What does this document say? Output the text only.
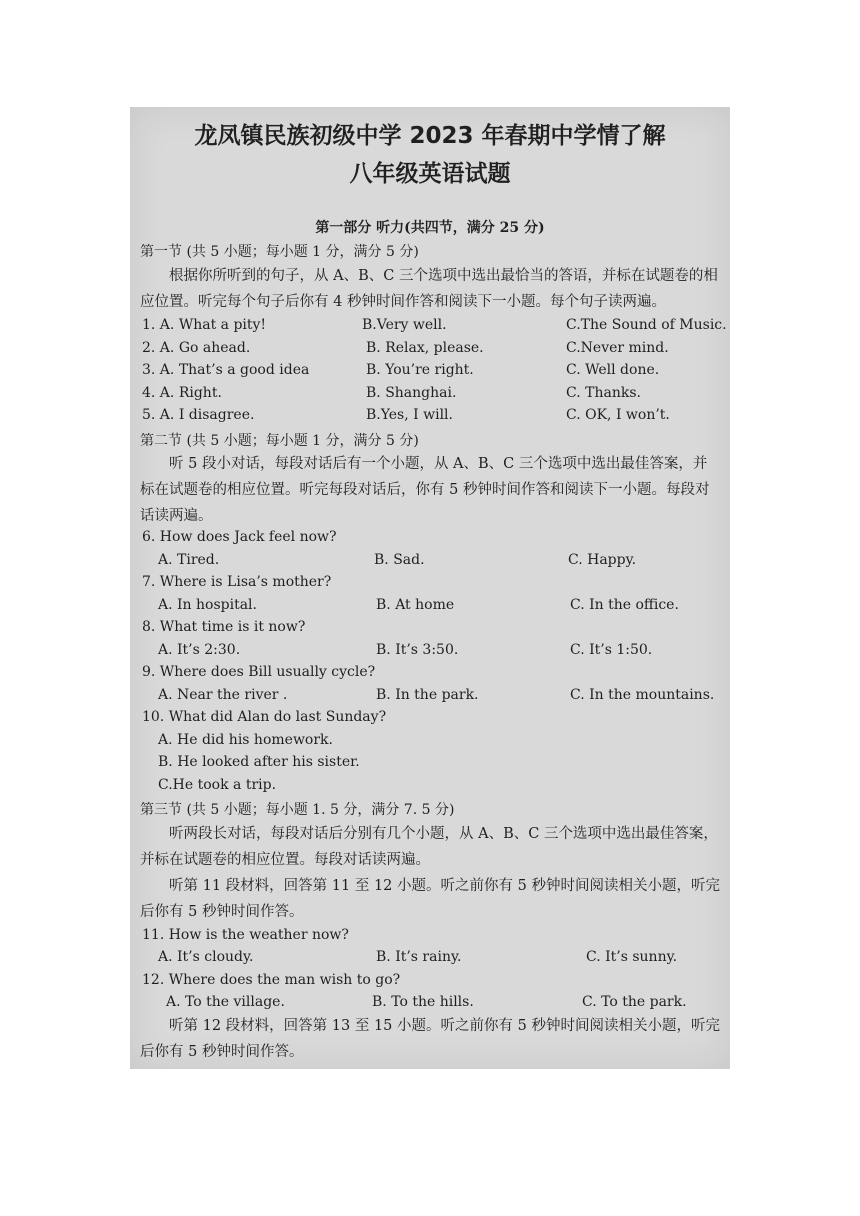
龙凤镇民族初级中学 2023 年春期中学情了解
八年级英语试题
第一部分 听力(共四节，满分 25 分)
第一节 (共 5 小题；每小题 1 分，满分 5 分)
根据你所听到的句子，从 A、B、C 三个选项中选出最恰当的答语，并标在试题卷的相应位置。听完每个句子后你有 4 秒钟时间作答和阅读下一小题。每个句子读两遍。
1. A. What a pity!	B.Very well.	C.The Sound of Music.
2. A. Go ahead.	B. Relax, please.	C.Never mind.
3. A. That’s a good idea	B. You’re right.	C. Well done.
4. A. Right.	B. Shanghai.	C. Thanks.
5. A. I disagree.	B.Yes, I will.	C. OK, I won’t.
第二节 (共 5 小题；每小题 1 分，满分 5 分)
听 5 段小对话，每段对话后有一个小题，从 A、B、C 三个选项中选出最佳答案，并标在试题卷的相应位置。听完每段对话后，你有 5 秒钟时间作答和阅读下一小题。每段对话读两遍。
6. How does Jack feel now?
A. Tired.	B. Sad.	C. Happy.
7. Where is Lisa’s mother?
A. In hospital.	B. At home	C. In the office.
8. What time is it now?
A. It’s 2:30.	B. It’s 3:50.	C. It’s 1:50.
9. Where does Bill usually cycle?
A. Near the river .	B. In the park.	C. In the mountains.
10. What did Alan do last Sunday?
A. He did his homework.
B. He looked after his sister.
C.He took a trip.
第三节 (共 5 小题；每小题 1. 5 分，满分 7. 5 分)
听两段长对话，每段对话后分别有几个小题，从 A、B、C 三个选项中选出最佳答案，并标在试题卷的相应位置。每段对话读两遍。
听第 11 段材料，回答第 11 至 12 小题。听之前你有 5 秒钟时间阅读相关小题，听完后你有 5 秒钟时间作答。
11. How is the weather now?
A. It’s cloudy.	B. It’s rainy.	C. It’s sunny.
12. Where does the man wish to go?
A. To the village.	B. To the hills.	C. To the park.
听第 12 段材料，回答第 13 至 15 小题。听之前你有 5 秒钟时间阅读相关小题，听完后你有 5 秒钟时间作答。
